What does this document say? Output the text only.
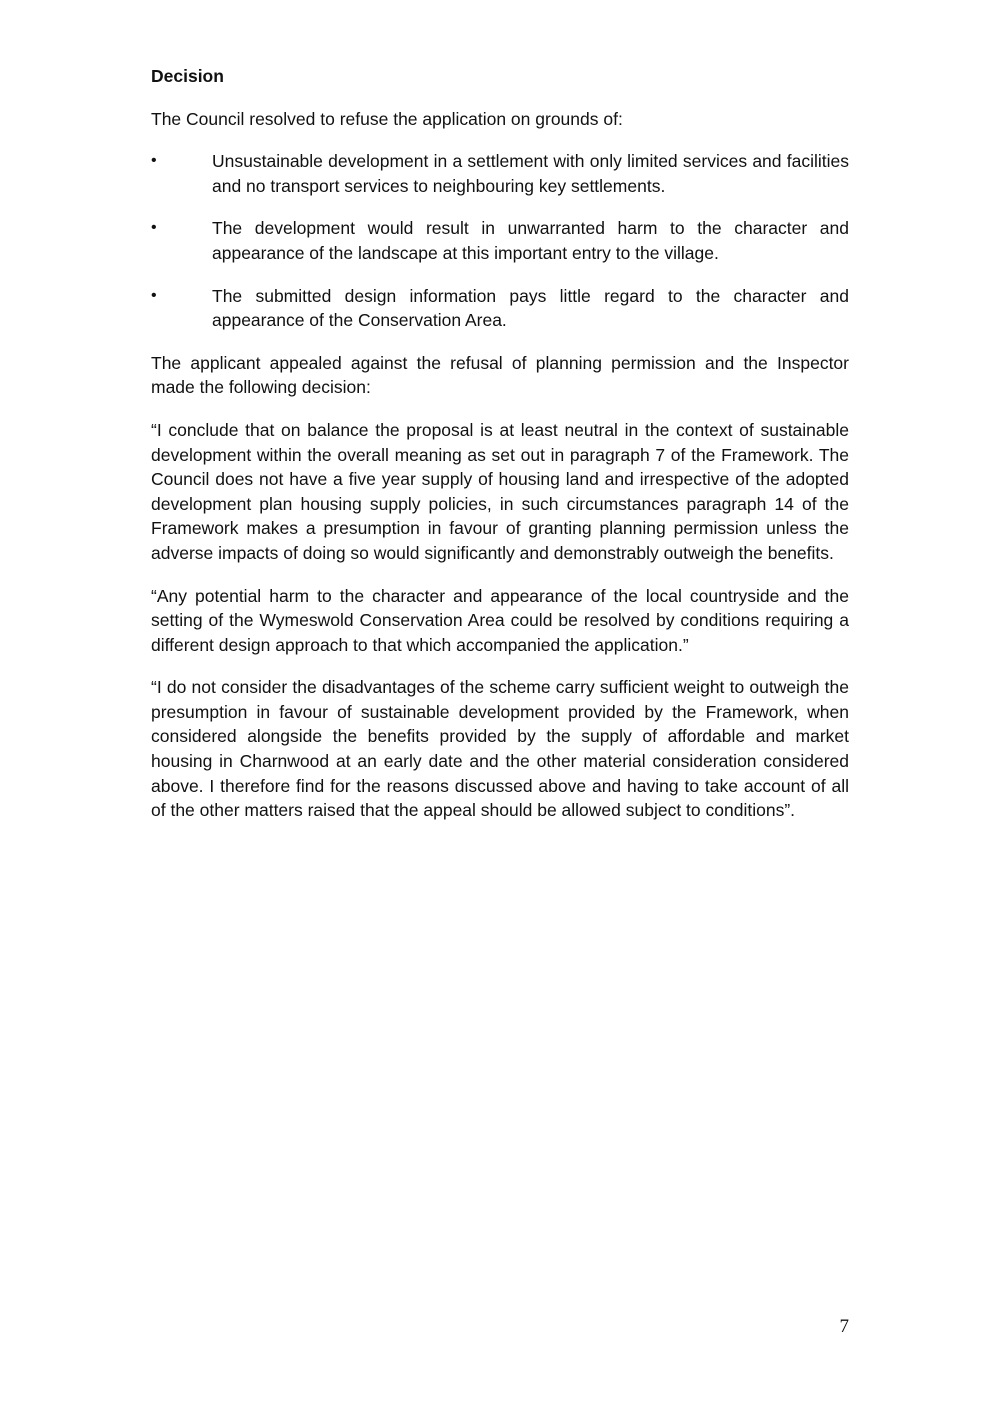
Decision
The Council resolved to refuse the application on grounds of:
•	Unsustainable development in a settlement with only limited services and facilities and no transport services to neighbouring key settlements.
•	The development would result in unwarranted harm to the character and appearance of the landscape at this important entry to the village.
•	The submitted design information pays little regard to the character and appearance of the Conservation Area.

The applicant appealed against the refusal of planning permission and the Inspector made the following decision:

“I conclude that on balance the proposal is at least neutral in the context of sustainable development within the overall meaning as set out in paragraph 7 of the Framework. The Council does not have a five year supply of housing land and irrespective of the adopted development plan housing supply policies, in such circumstances paragraph 14 of the Framework makes a presumption in favour of granting planning permission unless the adverse impacts of doing so would significantly and demonstrably outweigh the benefits.

“Any potential harm to the character and appearance of the local countryside and the setting of the Wymeswold Conservation Area could be resolved by conditions requiring a different design approach to that which accompanied the application.”

“I do not consider the disadvantages of the scheme carry sufficient weight to outweigh the presumption in favour of sustainable development provided by the Framework, when considered alongside the benefits provided by the supply of affordable and market housing in Charnwood at an early date and the other material consideration considered above. I therefore find for the reasons discussed above and having to take account of all of the other matters raised that the appeal should be allowed subject to conditions”.

7
